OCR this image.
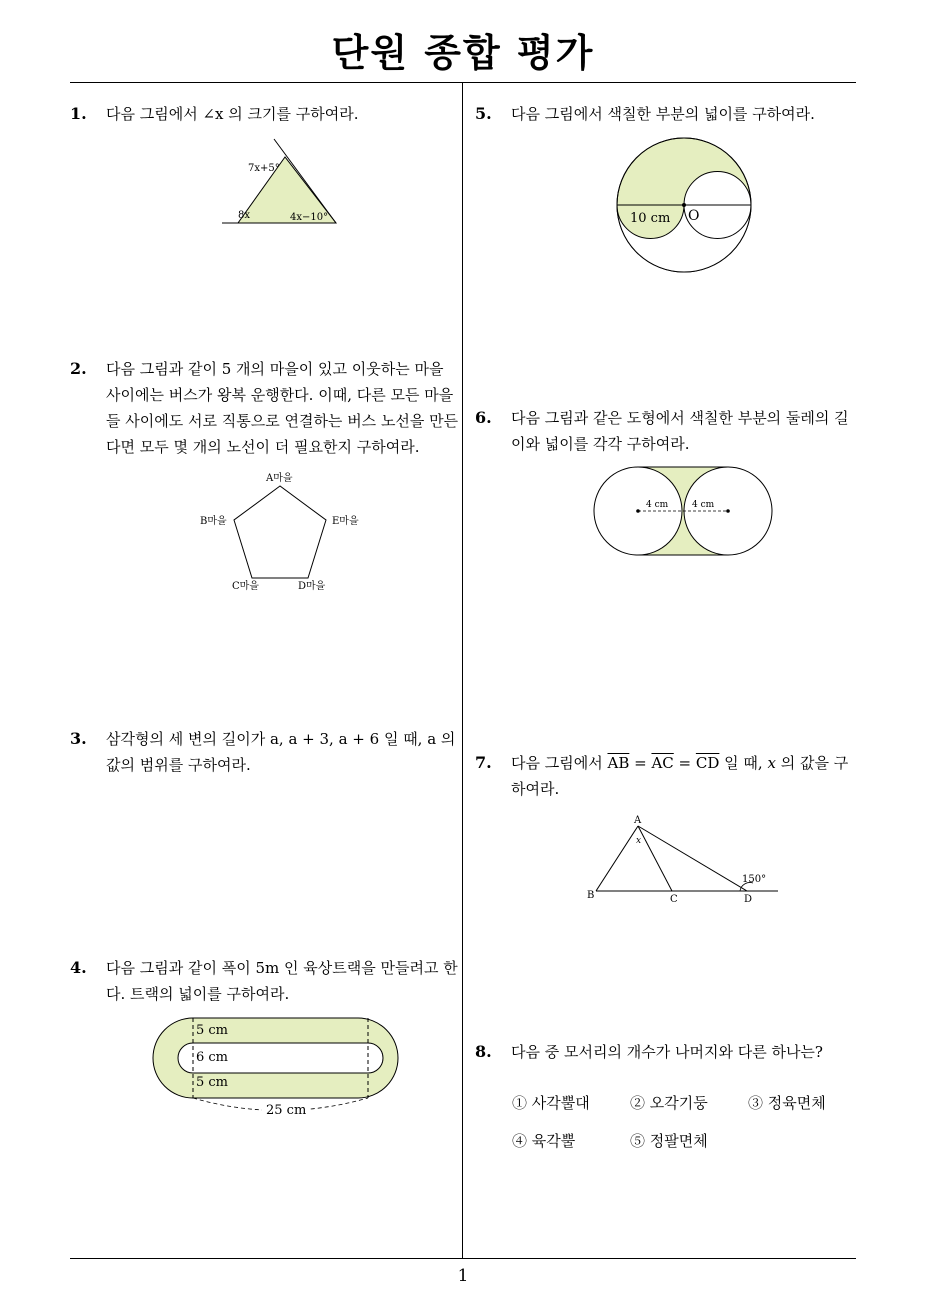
단원 종합 평가
1. 다음 그림에서 ∠x 의 크기를 구하여라.
7x+5°
8x	4x−10°
2. 다음 그림과 같이 5 개의 마을이 있고 이웃하는 마을 사이에는 버스가 왕복 운행한다. 이때, 다른 모든 마을들 사이에도 서로 직통으로 연결하는 버스 노선을 만든다면 모두 몇 개의 노선이 더 필요한지 구하여라.
A마을
B마을	E마을
C마을	D마을
3. 삼각형의 세 변의 길이가 a, a + 3, a + 6 일 때, a 의 값의 범위를 구하여라.
4. 다음 그림과 같이 폭이 5m 인 육상트랙을 만들려고 한다. 트랙의 넓이를 구하여라.
5 cm
6 cm
5 cm
25 cm
5. 다음 그림에서 색칠한 부분의 넓이를 구하여라.
10 cm O
6. 다음 그림과 같은 도형에서 색칠한 부분의 둘레의 길이와 넓이를 각각 구하여라.
4 cm	4 cm
7. 다음 그림에서 $\overline{AB} = \overline{AC} = \overline{CD}$ 일 때, x 의 값을 구하여라.
A
B	C	D
x
150°
8. 다음 중 모서리의 개수가 나머지와 다른 하나는?
① 사각뿔대	② 오각기둥	③ 정육면체
④ 육각뿔	⑤ 정팔면체
1
